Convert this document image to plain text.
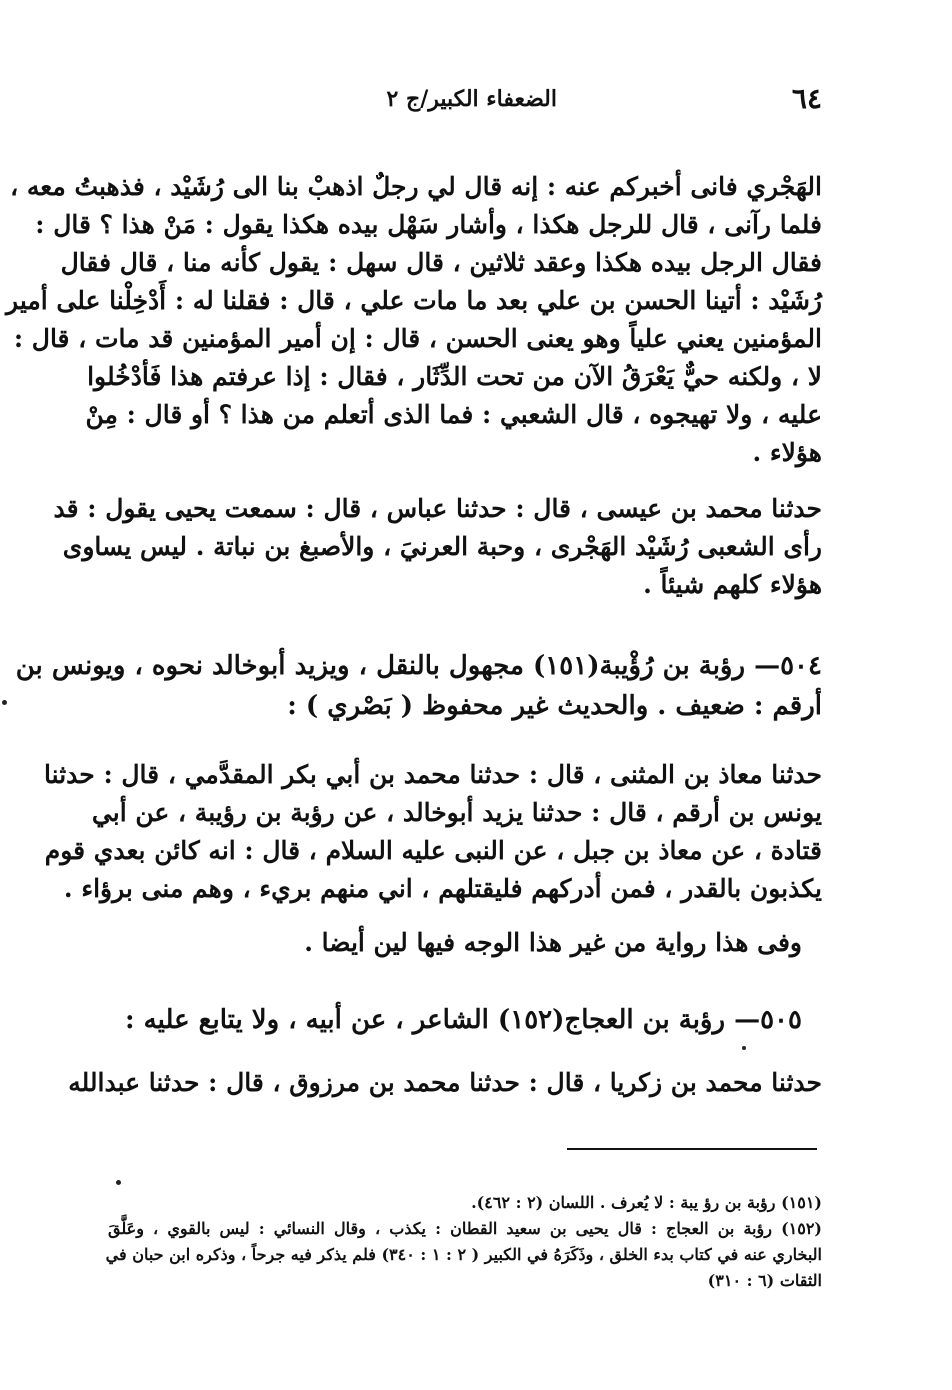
٦٤
الضعفاء الكبير/ج ٢
الهَجْري فانى أخبركم عنه : إنه قال لي رجلٌ اذهبْ بنا الى رُشَيْد ، فذهبتُ معه ،
فلما رآنى ، قال للرجل هكذا ، وأشار سَهْل بيده هكذا يقول : مَنْ هذا ؟ قال :
فقال الرجل بيده هكذا وعقد ثلاثين ، قال سهل : يقول كأنه منا ، قال فقال
رُشَيْد : أتينا الحسن بن علي بعد ما مات علي ، قال : فقلنا له : أَدْخِلْنا على أمير
المؤمنين يعني علياً وهو يعنى الحسن ، قال : إن أمير المؤمنين قد مات ، قال :
لا ، ولكنه حيٌّ يَعْرَقُ الآن من تحت الدِّثَار ، فقال : إذا عرفتم هذا فَأدْخُلوا
عليه ، ولا تهيجوه ، قال الشعبي : فما الذى أتعلم من هذا ؟ أو قال : مِنْ
هؤلاء .
حدثنا محمد بن عيسى ، قال : حدثنا عباس ، قال : سمعت يحيى يقول : قد
رأى الشعبى رُشَيْد الهَجْرى ، وحبة العرنيَ ، والأصبغ بن نباتة . ليس يساوى
هؤلاء كلهم شيئاً .
٥٠٤— رؤبة بن رُؤْيبة(١٥١) مجهول بالنقل ، ويزيد أبوخالد نحوه ، ويونس بن
أرقم : ضعيف . والحديث غير محفوظ ( بَصْري ) :
حدثنا معاذ بن المثنى ، قال : حدثنا محمد بن أبي بكر المقدَّمي ، قال : حدثنا
يونس بن أرقم ، قال : حدثنا يزيد أبوخالد ، عن رؤبة بن رؤيبة ، عن أبي
قتادة ، عن معاذ بن جبل ، عن النبى عليه السلام ، قال : انه كائن بعدي قوم
يكذبون بالقدر ، فمن أدركهم فليقتلهم ، اني منهم بريء ، وهم منى برؤاء .
وفى هذا رواية من غير هذا الوجه فيها لين أيضا .
٥٠٥— رؤبة بن العجاج(١٥٢) الشاعر ، عن أبيه ، ولا يتابع عليه :
حدثنا محمد بن زكريا ، قال : حدثنا محمد بن مرزوق ، قال : حدثنا عبدالله
(١٥١) رؤبة بن رؤ يبة : لا يُعرف . اللسان (٢ : ٤٦٢).
(١٥٢) رؤبة بن العجاج : قال يحيى بن سعيد القطان : يكذب ، وقال النسائي : ليس بالقوي ، وعَلَّقَ
البخاري عنه في كتاب بدء الخلق ، وذَكَرَهُ في الكبير ( ٢ : ١ : ٣٤٠) فلم يذكر فيه جرحاً ، وذكره ابن حبان في
الثقات (٦ : ٣١٠)
